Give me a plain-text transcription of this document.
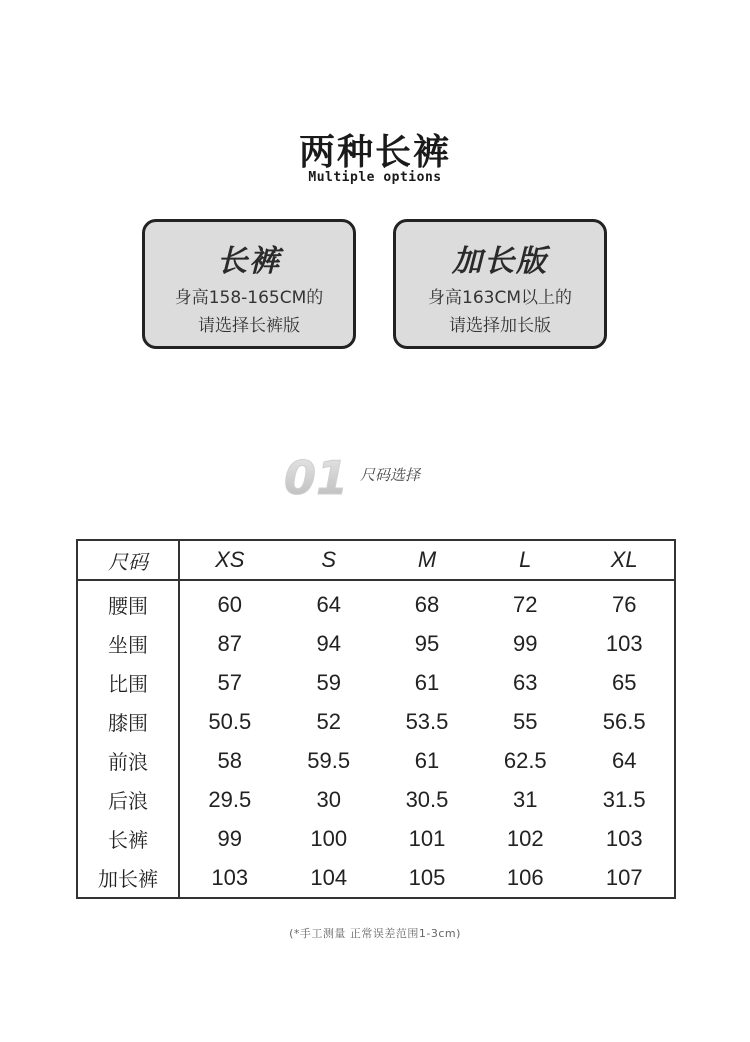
两种长裤
Multiple options
长裤
身高158-165CM的
请选择长裤版
加长版
身高163CM以上的
请选择加长版
01 尺码选择
尺码	XS	S	M	L	XL
腰围	60	64	68	72	76
坐围	87	94	95	99	103
比围	57	59	61	63	65
膝围	50.5	52	53.5	55	56.5
前浪	58	59.5	61	62.5	64
后浪	29.5	30	30.5	31	31.5
长裤	99	100	101	102	103
加长裤	103	104	105	106	107
(*手工测量 正常误差范围1-3cm)
